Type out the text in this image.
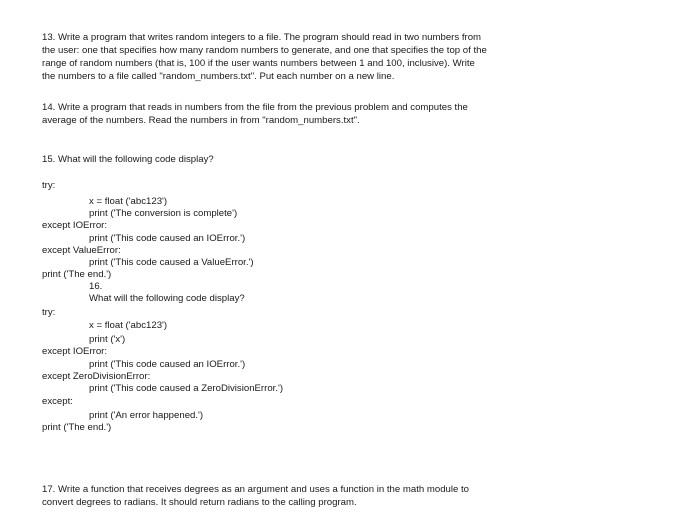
13. Write a program that writes random integers to a file. The program should read in two numbers from
the user: one that specifies how many random numbers to generate, and one that specifies the top of the
range of random numbers (that is, 100 if the user wants numbers between 1 and 100, inclusive). Write
the numbers to a file called "random_numbers.txt". Put each number on a new line.
14. Write a program that reads in numbers from the file from the previous problem and computes the
average of the numbers. Read the numbers in from "random_numbers.txt".
15. What will the following code display?
try:
x = float ('abc123')
print ('The conversion is complete')
except IOError:
print ('This code caused an IOError.')
except ValueError:
print ('This code caused a ValueError.')
print ('The end.')
16.
What will the following code display?
try:
x = float ('abc123')
print ('x')
except IOError:
print ('This code caused an IOError.')
except ZeroDivisionError:
print ('This code caused a ZeroDivisionError.')
except:
print ('An error happened.')
print ('The end.')
17. Write a function that receives degrees as an argument and uses a function in the math module to
convert degrees to radians. It should return radians to the calling program.
